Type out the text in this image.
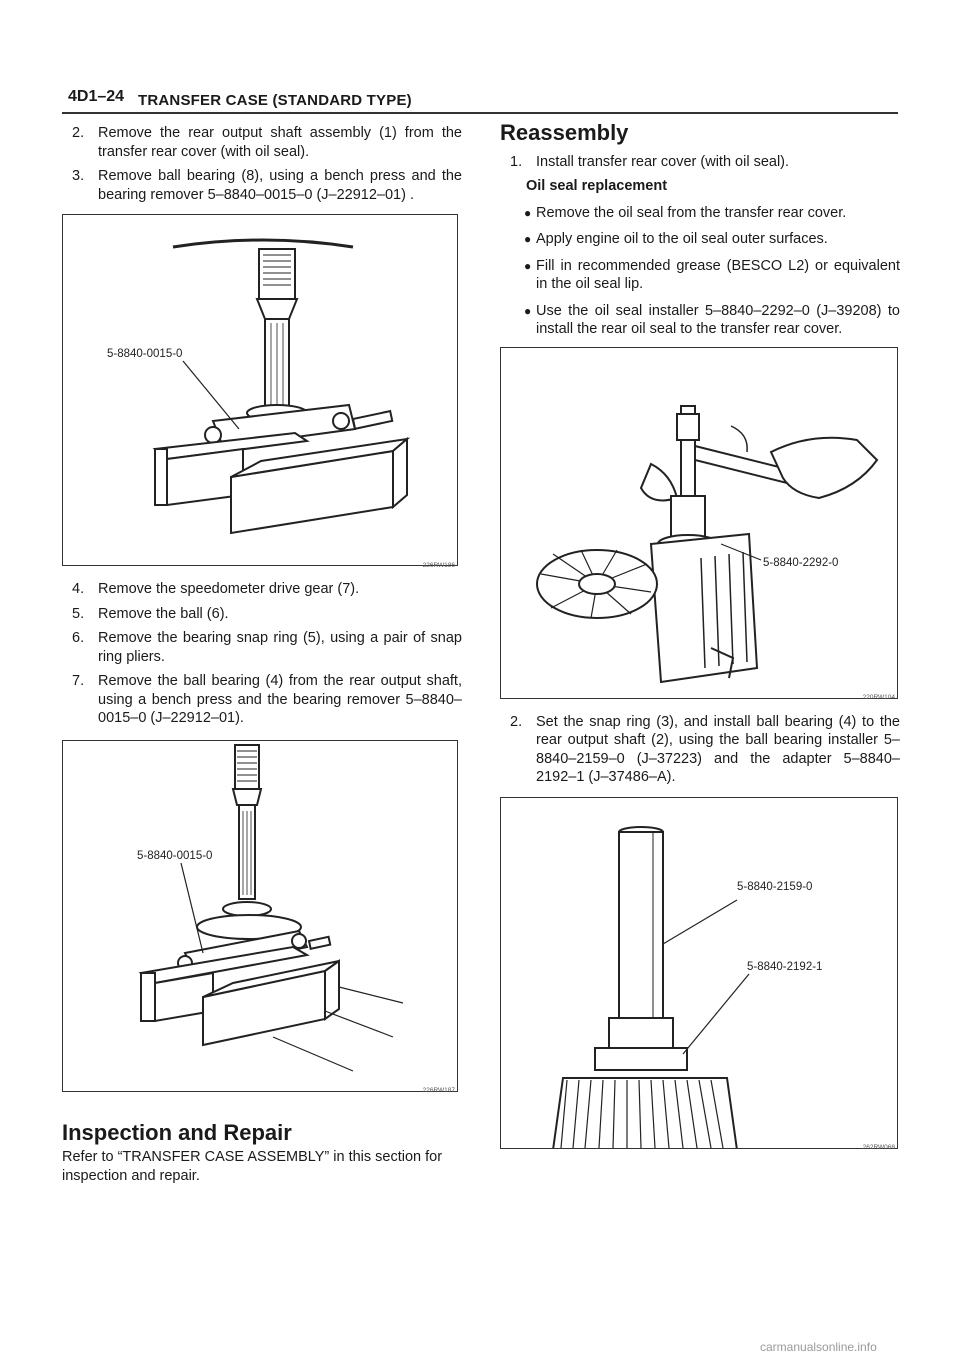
4D1–24 TRANSFER CASE (STANDARD TYPE)
2. Remove the rear output shaft assembly (1) from the transfer rear cover (with oil seal).
3. Remove ball bearing (8), using a bench press and the bearing remover 5–8840–0015–0 (J–22912–01) .
5-8840-0015-0
226RW186
4. Remove the speedometer drive gear (7).
5. Remove the ball (6).
6. Remove the bearing snap ring (5), using a pair of snap ring pliers.
7. Remove the ball bearing (4) from the rear output shaft, using a bench press and the bearing remover 5–8840–0015–0 (J–22912–01).
5-8840-0015-0
226RW187
Inspection and Repair

Refer to “TRANSFER CASE ASSEMBLY” in this section for inspection and repair.

Reassembly
1. Install transfer rear cover (with oil seal).
Oil seal replacement
● Remove the oil seal from the transfer rear cover.
● Apply engine oil to the oil seal outer surfaces.
● Fill in recommended grease (BESCO L2) or equivalent in the oil seal lip.
● Use the oil seal installer 5–8840–2292–0 (J–39208) to install the rear oil seal to the transfer rear cover.
5-8840-2292-0
220RW104
2. Set the snap ring (3), and install ball bearing (4) to the rear output shaft (2), using the ball bearing installer 5–8840–2159–0 (J–37223) and the adapter 5–8840–2192–1 (J–37486–A).
5-8840-2159-0
5-8840-2192-1
262RW068
carmanualsonline.info
